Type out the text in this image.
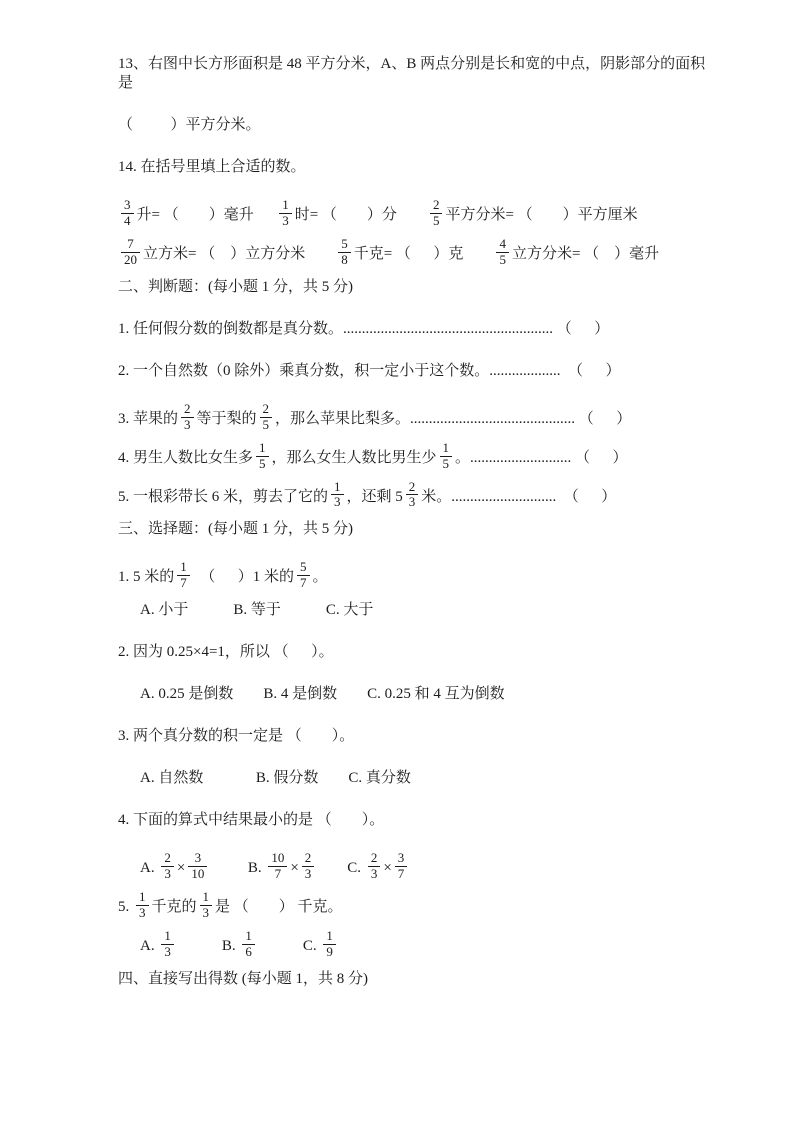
13、右图中长方形面积是 48 平方分米，A、B 两点分别是长和宽的中点，阴影部分的面积是
（          ）平方分米。
14. 在括号里填上合适的数。
$\frac{3}{4}$ 升= （        ）毫升 $\frac{1}{3}$ 时= （        ）分 $\frac{2}{5}$ 平方分米= （        ）平方厘米
$\frac{7}{20}$ 立方米= （    ）立方分米 $\frac{5}{8}$ 千克= （      ）克 $\frac{4}{5}$ 立方分米= （    ）毫升
二、判断题：(每小题 1 分，共 5 分)
1. 任何假分数的倒数都是真分数。........................................................ （      ）
2. 一个自然数（0 除外）乘真分数，积一定小于这个数。...................  （      ）
3. 苹果的 $\frac{2}{3}$ 等于梨的 $\frac{2}{5}$ ，那么苹果比梨多。............................................ （      ）
4. 男生人数比女生多 $\frac{1}{5}$ ，那么女生人数比男生少 $\frac{1}{5}$ 。........................... （      ）
5. 一根彩带长 6 米，剪去了它的 $\frac{1}{3}$ ，还剩 $5 \frac{2}{3}$ 米。............................  （      ）
三、选择题：(每小题 1 分，共 5 分)
1. 5 米的 $\frac{1}{7}$ （      ）1 米的 $\frac{5}{7}$ 。
A. 小于            B. 等于            C. 大于
2. 因为 0.25×4=1，所以 （      ）。
A. 0.25 是倒数        B. 4 是倒数        C. 0.25 和 4 互为倒数
3. 两个真分数的积一定是 （        ）。
A. 自然数              B. 假分数        C. 真分数
4. 下面的算式中结果最小的是 （        ）。
A. $\frac{2}{3} \times \frac{3}{10} B$. $\frac{10}{7} \times \frac{2}{3} C$. $\frac{2}{3} \times \frac{3}{7}$
5. $\frac{1}{3}$ 千克的 $\frac{1}{3}$ 是 （        ） 千克。
A. $\frac{1}{3} B$. $\frac{1}{6} C$. $\frac{1}{9}$
四、直接写出得数 (每小题 1，共 8 分)
